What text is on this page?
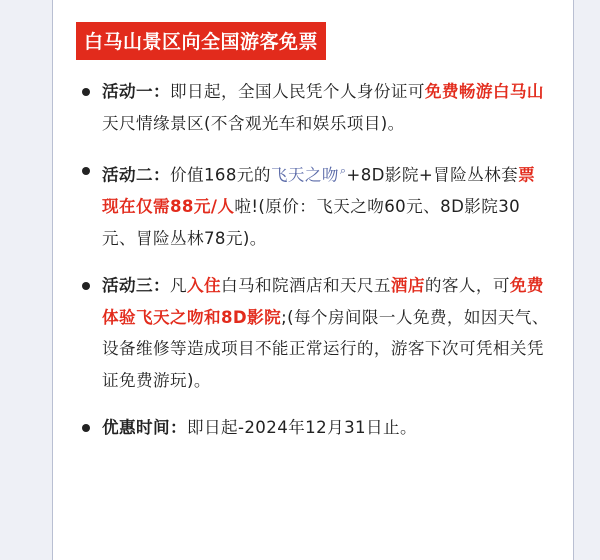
白马山景区向全国游客免票
活动一：即日起，全国人民凭个人身份证可免费畅游白马山天尺情缘景区(不含观光车和娱乐项目)。
活动二：价值168元的飞天之吻⌕+8D影院+冒险丛林套票现在仅需88元/人啦!(原价：飞天之吻60元、8D影院30元、冒险丛林78元)。
活动三：凡入住白马和院酒店和天尺五酒店的客人，可免费体验飞天之吻和8D影院;(每个房间限一人免费，如因天气、设备维修等造成项目不能正常运行的，游客下次可凭相关凭证免费游玩)。
优惠时间：即日起-2024年12月31日止。
